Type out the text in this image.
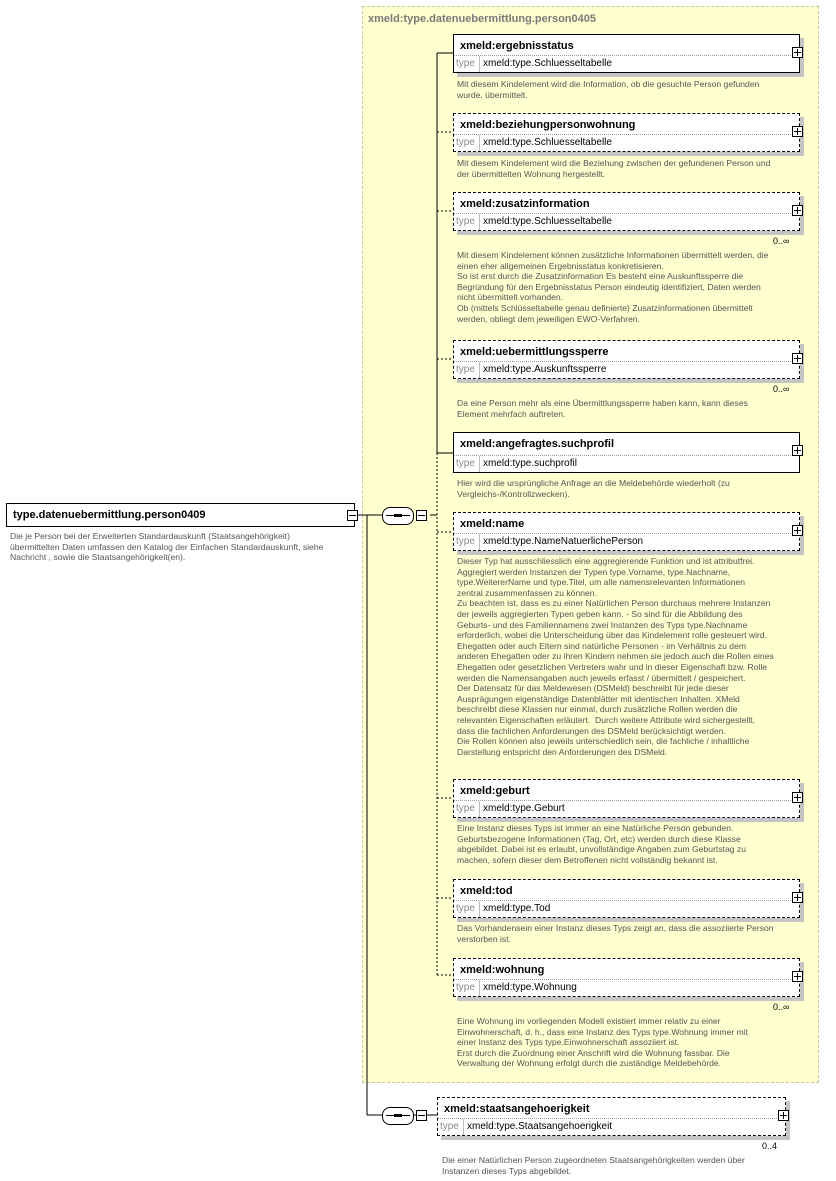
xmeld:type.datenuebermittlung.person0405
type.datenuebermittlung.person0409
Die je Person bei der Erweiterten Standardauskunft (Staatsangehörigkeit)
übermittelten Daten umfassen den Katalog der Einfachen Standardauskunft, siehe
Nachricht , sowie die Staatsangehörigkeit(en).
xmeld:ergebnisstatus
type xmeld:type.Schluesseltabelle
Mit diesem Kindelement wird die Information, ob die gesuchte Person gefunden
wurde, übermittelt.
xmeld:beziehungpersonwohnung
type xmeld:type.Schluesseltabelle
Mit diesem Kindelement wird die Beziehung zwischen der gefundenen Person und
der übermittelten Wohnung hergestellt.
xmeld:zusatzinformation
type xmeld:type.Schluesseltabelle
0..∞
Mit diesem Kindelement können zusätzliche Informationen übermittelt werden, die
einen eher allgemeinen Ergebnisstatus konkretisieren.
So ist erst durch die Zusatzinformation Es besteht eine Auskunftssperre die
Begründung für den Ergebnisstatus Person eindeutig identifiziert, Daten werden
nicht übermittelt vorhanden.
Ob (mittels Schlüsseltabelle genau definierte) Zusatzinformationen übermittelt
werden, obliegt dem jeweiligen EWO-Verfahren.
xmeld:uebermittlungssperre
type xmeld:type.Auskunftssperre
0..∞
Da eine Person mehr als eine Übermittlungssperre haben kann, kann dieses
Element mehrfach auftreten.
xmeld:angefragtes.suchprofil
type xmeld:type.suchprofil
Hier wird die ursprüngliche Anfrage an die Meldebehörde wiederholt (zu
Vergleichs-/Kontrollzwecken).
xmeld:name
type xmeld:type.NameNatuerlichePerson
Dieser Typ hat ausschliesslich eine aggregierende Funktion und ist attributfrei.
Aggregiert werden Instanzen der Typen type.Vorname, type.Nachname,
type.WeitererName und type.Titel, um alle namensrelevanten Informationen
zentral zusammenfassen zu können.
Zu beachten ist, dass es zu einer Natürlichen Person durchaus mehrere Instanzen
der jeweils aggregierten Typen geben kann. - So sind für die Abbildung des
Geburts- und des Familiennamens zwei Instanzen des Typs type.Nachname
erforderlich, wobei die Unterscheidung über das Kindelement rolle gesteuert wird.
Ehegatten oder auch Eltern sind natürliche Personen - im Verhältnis zu dem
anderen Ehegatten oder zu ihren Kindern nehmen sie jedoch auch die Rollen eines
Ehegatten oder gesetzlichen Vertreters wahr und in dieser Eigenschaft bzw. Rolle
werden die Namensangaben auch jeweils erfasst / übermittelt / gespeichert.
Der Datensatz für das Meldewesen (DSMeld) beschreibt für jede dieser
Ausprägungen eigenständige Datenblätter mit identischen Inhalten. XMeld
beschreibt diese Klassen nur einmal, durch zusätzliche Rollen werden die
relevanten Eigenschaften erläutert.  Durch weitere Attribute wird sichergestellt,
dass die fachlichen Anforderungen des DSMeld berücksichtigt werden.
Die Rollen können also jeweils unterschiedlich sein, die fachliche / inhaltliche
Darstellung entspricht den Anforderungen des DSMeld.
xmeld:geburt
type xmeld:type.Geburt
Eine Instanz dieses Typs ist immer an eine Natürliche Person gebunden.
Geburtsbezogene Informationen (Tag, Ort, etc) werden durch diese Klasse
abgebildet. Dabei ist es erlaubt, unvollständige Angaben zum Geburtstag zu
machen, sofern dieser dem Betroffenen nicht vollständig bekannt ist.
xmeld:tod
type xmeld:type.Tod
Das Vorhandensein einer Instanz dieses Typs zeigt an, dass die assoziierte Person
verstorben ist.
xmeld:wohnung
type xmeld:type.Wohnung
0..∞
Eine Wohnung im vorliegenden Modell existiert immer relativ zu einer
Einwohnerschaft, d. h., dass eine Instanz des Typs type.Wohnung immer mit
einer Instanz des Typs type.Einwohnerschaft assoziiert ist.
Erst durch die Zuordnung einer Anschrift wird die Wohnung fassbar. Die
Verwaltung der Wohnung erfolgt durch die zuständige Meldebehörde.
xmeld:staatsangehoerigkeit
type xmeld:type.Staatsangehoerigkeit
0..4
Die einer Natürlichen Person zugeordneten Staatsangehörigkeiten werden über
Instanzen dieses Typs abgebildet.
